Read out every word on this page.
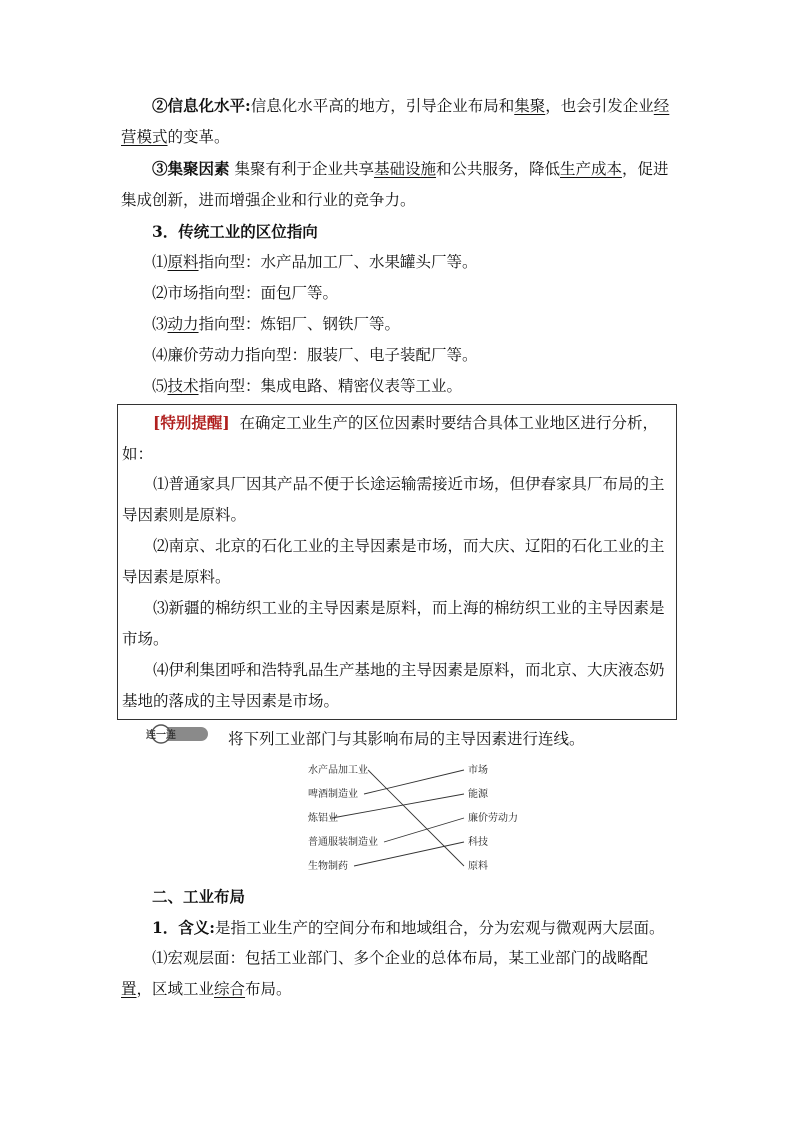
②信息化水平:信息化水平高的地方，引导企业布局和集聚，也会引发企业经营模式的变革。
③集聚因素 集聚有利于企业共享基础设施和公共服务，降低生产成本，促进集成创新，进而增强企业和行业的竞争力。
3．传统工业的区位指向
⑴原料指向型：水产品加工厂、水果罐头厂等。
⑵市场指向型：面包厂等。
⑶动力指向型：炼铝厂、钢铁厂等。
⑷廉价劳动力指向型：服装厂、电子装配厂等。
⑸技术指向型：集成电路、精密仪表等工业。
[特别提醒] 在确定工业生产的区位因素时要结合具体工业地区进行分析，如：
⑴普通家具厂因其产品不便于长途运输需接近市场，但伊春家具厂布局的主导因素则是原料。
⑵南京、北京的石化工业的主导因素是市场，而大庆、辽阳的石化工业的主导因素是原料。
⑶新疆的棉纺织工业的主导因素是原料，而上海的棉纺织工业的主导因素是市场。
⑷伊利集团呼和浩特乳品生产基地的主导因素是原料，而北京、大庆液态奶基地的落成的主导因素是市场。
连一连	将下列工业部门与其影响布局的主导因素进行连线。
水产品加工业
啤酒制造业
炼铝业
普通服装制造业
生物制药
市场
能源
廉价劳动力
科技
原料
二、工业布局
1．含义:是指工业生产的空间分布和地域组合，分为宏观与微观两大层面。
⑴宏观层面：包括工业部门、多个企业的总体布局，某工业部门的战略配置，区域工业综合布局。
